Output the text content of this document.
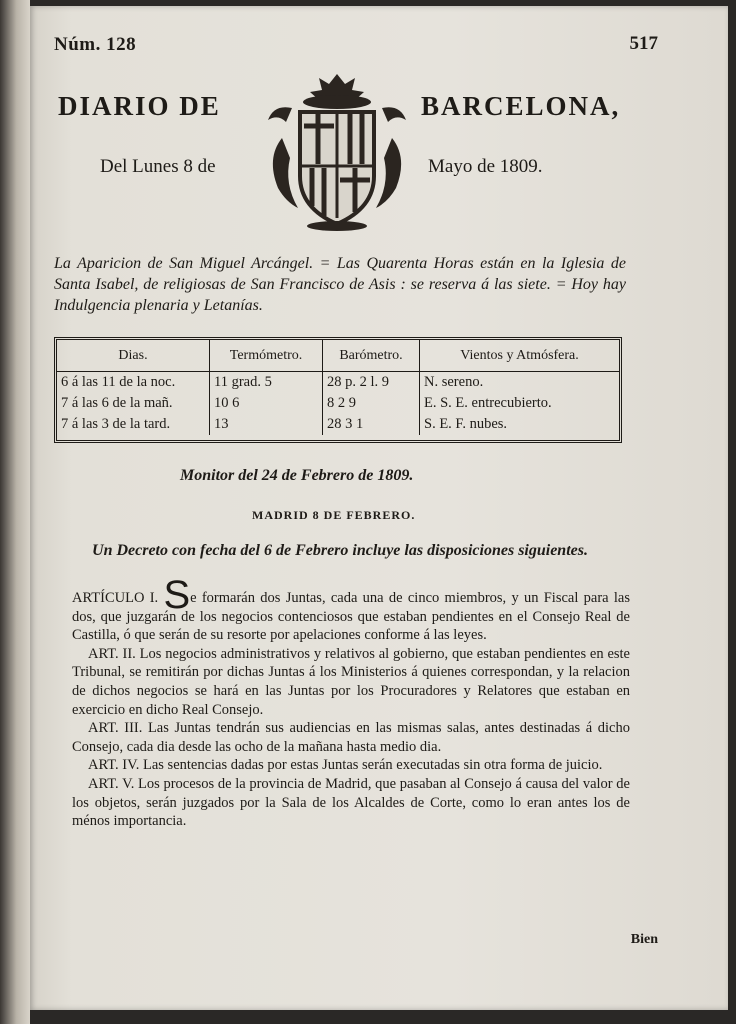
Núm. 128	517
DIARIO DE	BARCELONA,
Del Lunes 8 de	Mayo de 1809.
La Aparicion de San Miguel Arcángel. = Las Quarenta Horas están en la Iglesia de Santa Isabel, de religiosas de San Francisco de Asis : se reserva á las siete. = Hoy hay Indulgencia plenaria y Letanías.
Dias.	Termómetro.	Barómetro.	Vientos y Atmósfera.
6 á las 11 de la noc.	11 grad. 5	28 p. 2 l. 9	N. sereno.
7 á las 6 de la mañ.	10 6	8 2 9	E. S. E. entrecubierto.
7 á las 3 de la tard.	13	28 3 1	S. E. F. nubes.
Monitor del 24 de Febrero de 1809.
MADRID 8 DE FEBRERO.
Un Decreto con fecha del 6 de Febrero incluye las disposiciones siguientes.

ARTÍCULO I. Se formarán dos Juntas, cada una de cinco miembros, y un Fiscal para las dos, que juzgarán de los negocios contenciosos que estaban pendientes en el Consejo Real de Castilla, ó que serán de su resorte por apelaciones conforme á las leyes.

ART. II. Los negocios administrativos y relativos al gobierno, que estaban pendientes en este Tribunal, se remitirán por dichas Juntas á los Ministerios á quienes correspondan, y la relacion de dichos negocios se hará en las Juntas por los Procuradores y Relatores que estaban en exercicio en dicho Real Consejo.

ART. III. Las Juntas tendrán sus audiencias en las mismas salas, antes destinadas á dicho Consejo, cada dia desde las ocho de la mañana hasta medio dia.

ART. IV. Las sentencias dadas por estas Juntas serán executadas sin otra forma de juicio.

ART. V. Los procesos de la provincia de Madrid, que pasaban al Consejo á causa del valor de los objetos, serán juzgados por la Sala de los Alcaldes de Corte, como lo eran antes los de ménos importancia.

Bien
